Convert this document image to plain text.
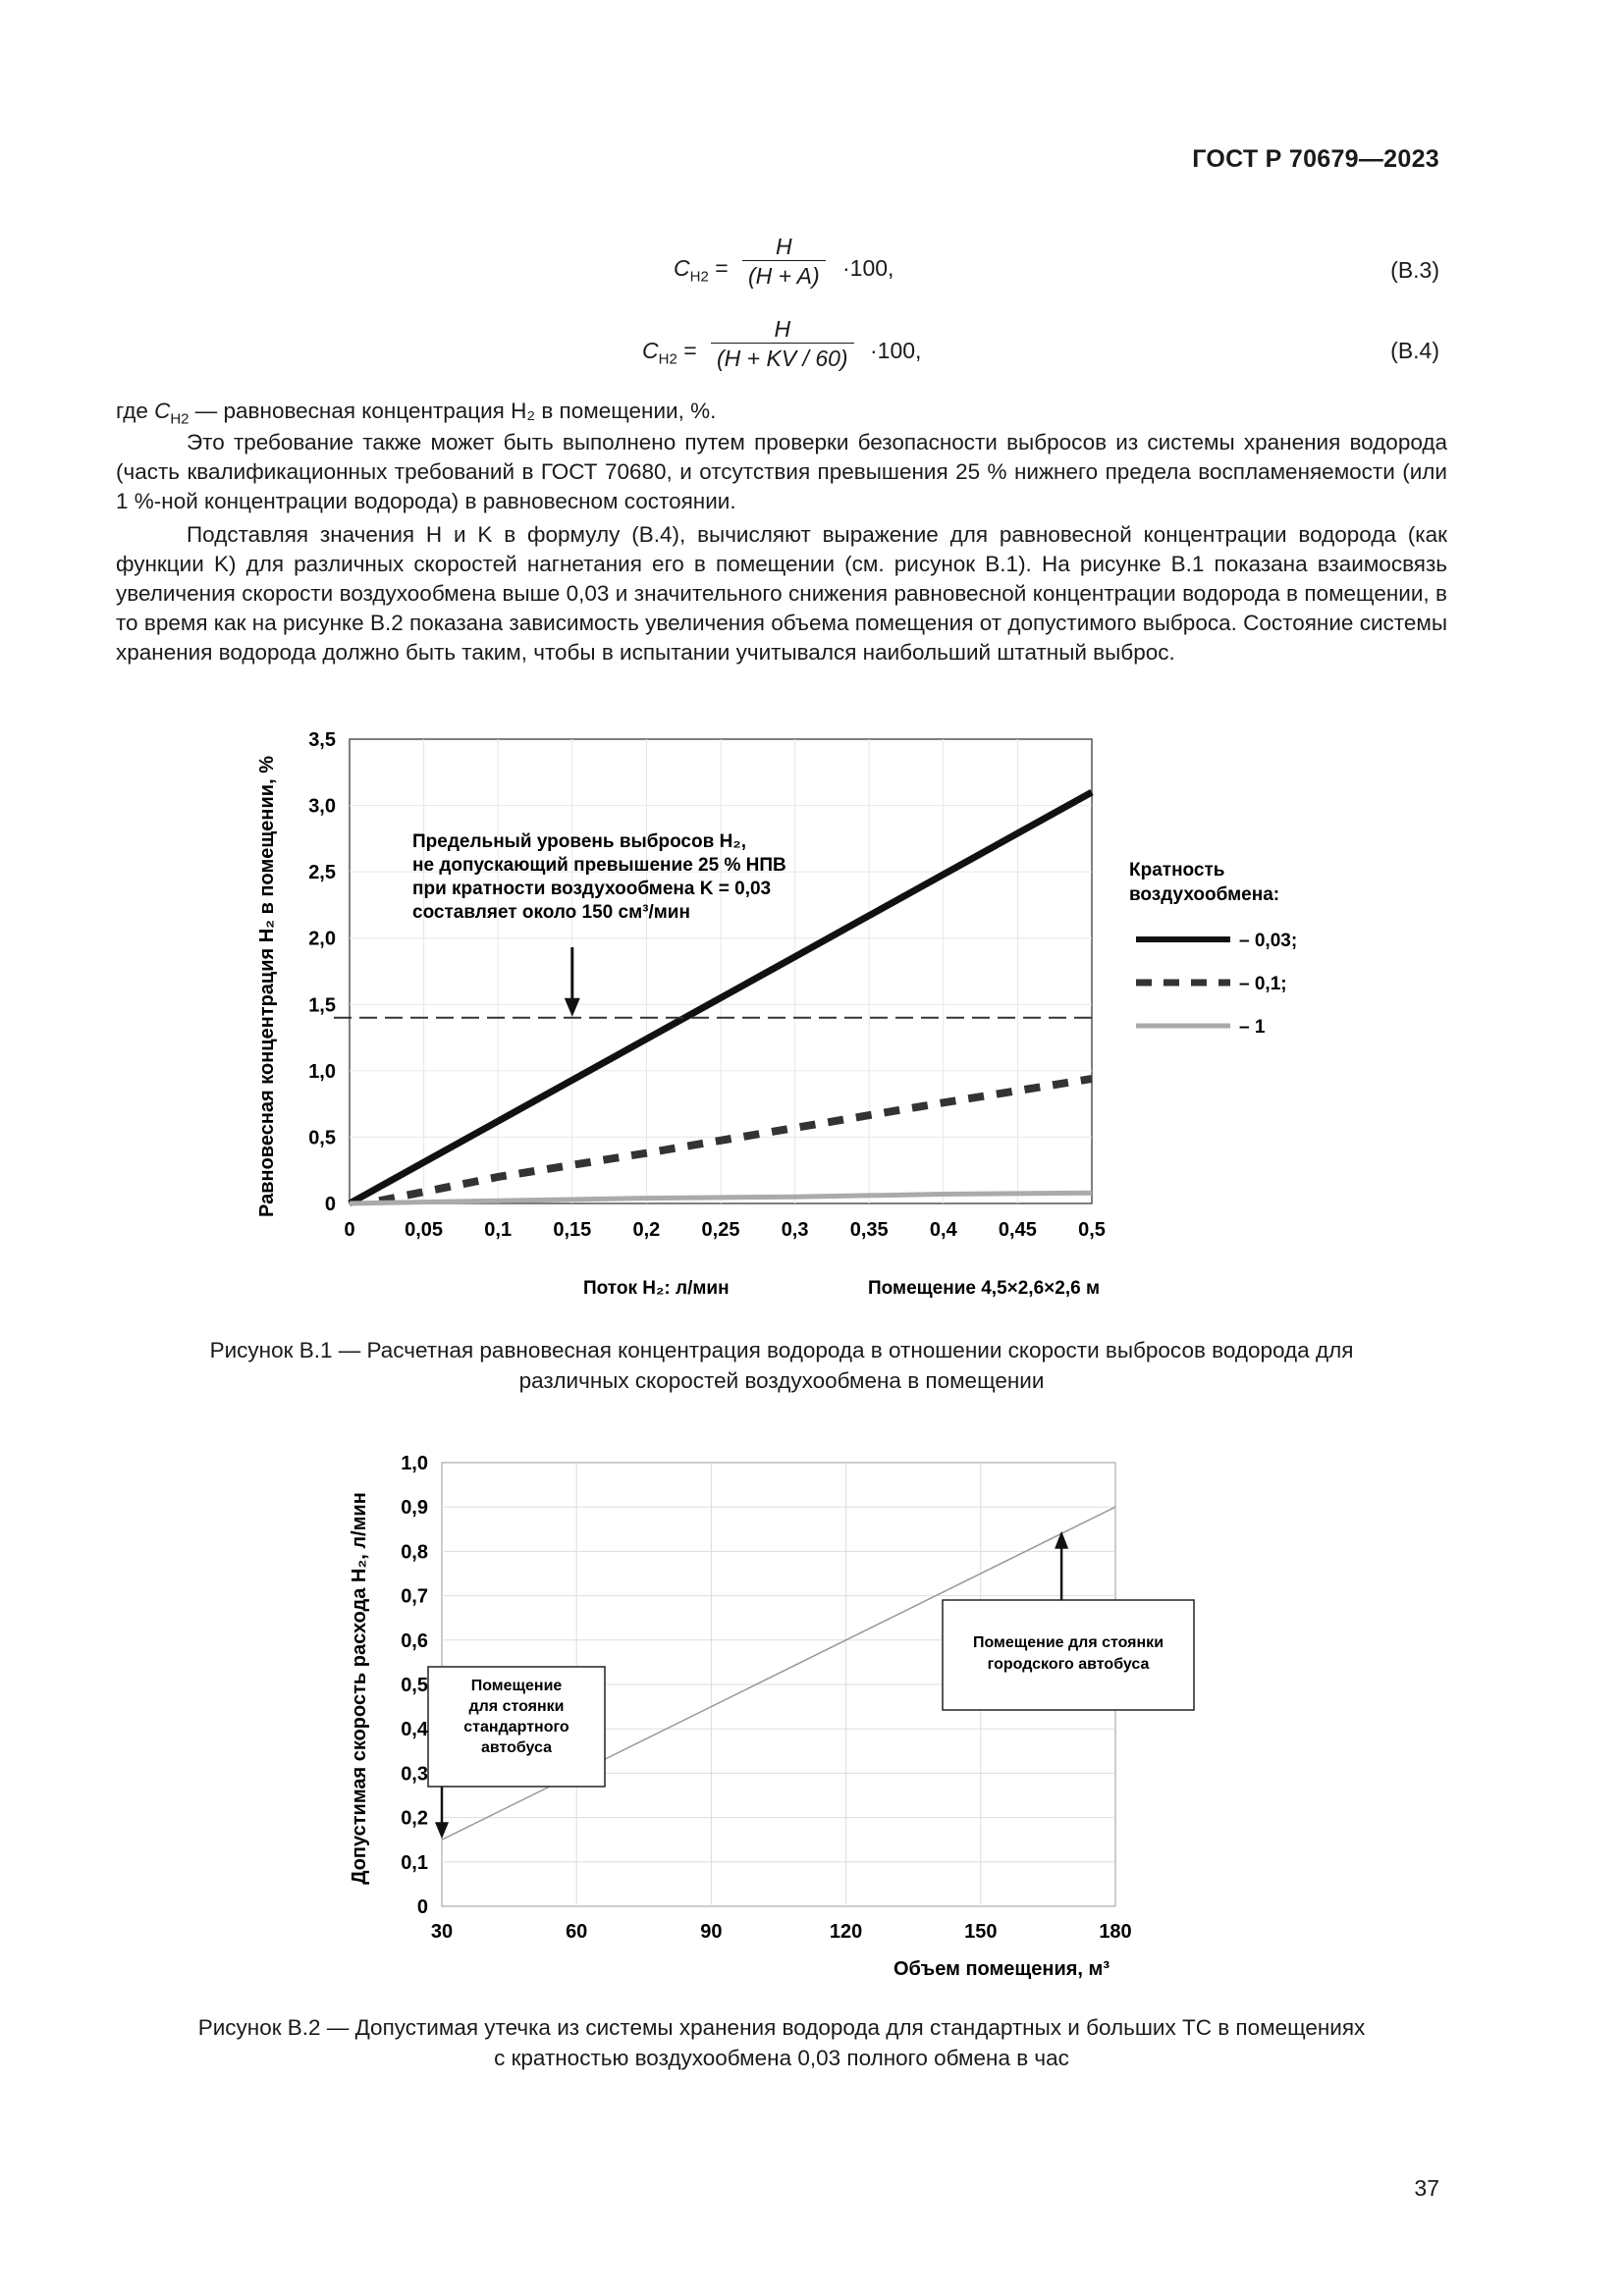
ГОСТ Р 70679—2023
$C_{H2} = \frac{H}{(H + A)} \cdot 100$,	(В.3)
$C_{H2} = \frac{H}{(H + KV / 60)} \cdot 100$,	(В.4)
где $C_{H2}$ — равновесная концентрация H₂ в помещении, %.
Это требование также может быть выполнено путем проверки безопасности выбросов из системы хранения водорода (часть квалификационных требований в ГОСТ 70680, и отсутствия превышения 25 % нижнего предела воспламеняемости (или 1 %-ной концентрации водорода) в равновесном состоянии.
Подставляя значения H и K в формулу (В.4), вычисляют выражение для равновесной концентрации водорода (как функции K) для различных скоростей нагнетания его в помещении (см. рисунок В.1). На рисунке В.1 показана взаимосвязь увеличения скорости воздухообмена выше 0,03 и значительного снижения равновесной концентрации водорода в помещении, в то время как на рисунке В.2 показана зависимость увеличения объема помещения от допустимого выброса. Состояние системы хранения водорода должно быть таким, чтобы в испытании учитывался наибольший штатный выброс.
Равновесная концентрация H₂ в помещении, %
0	0,05 0,1 0,15 0,2 0,25 0,3 0,35 0,4 0,45 0,5
0
0,5
1,0
1,5
2,0
2,5
3,0
3,5
Предельный уровень выбросов H₂,
не допускающий превышение 25 % НПВ
при кратности воздухообмена K = 0,03
составляет около 150 см³/мин
Кратность
воздухообмена:
– 0,03;
– 0,1;
– 1
Поток H₂: л/мин	Помещение 4,5×2,6×2,6 м
Рисунок В.1 — Расчетная равновесная концентрация водорода в отношении скорости выбросов водорода для
различных скоростей воздухообмена в помещении
Допустимая скорость расхода H₂, л/мин
30	60	90	120	150	180
0
0,1
0,2
0,3
0,4
0,5
0,6
0,7
0,8
0,9
1,0
Помещение
для стоянки
стандартного
автобуса
Помещение для стоянки
городского автобуса
Объем помещения, м³
Рисунок В.2 — Допустимая утечка из системы хранения водорода для стандартных и больших ТС в помещениях
с кратностью воздухообмена 0,03 полного обмена в час
37
